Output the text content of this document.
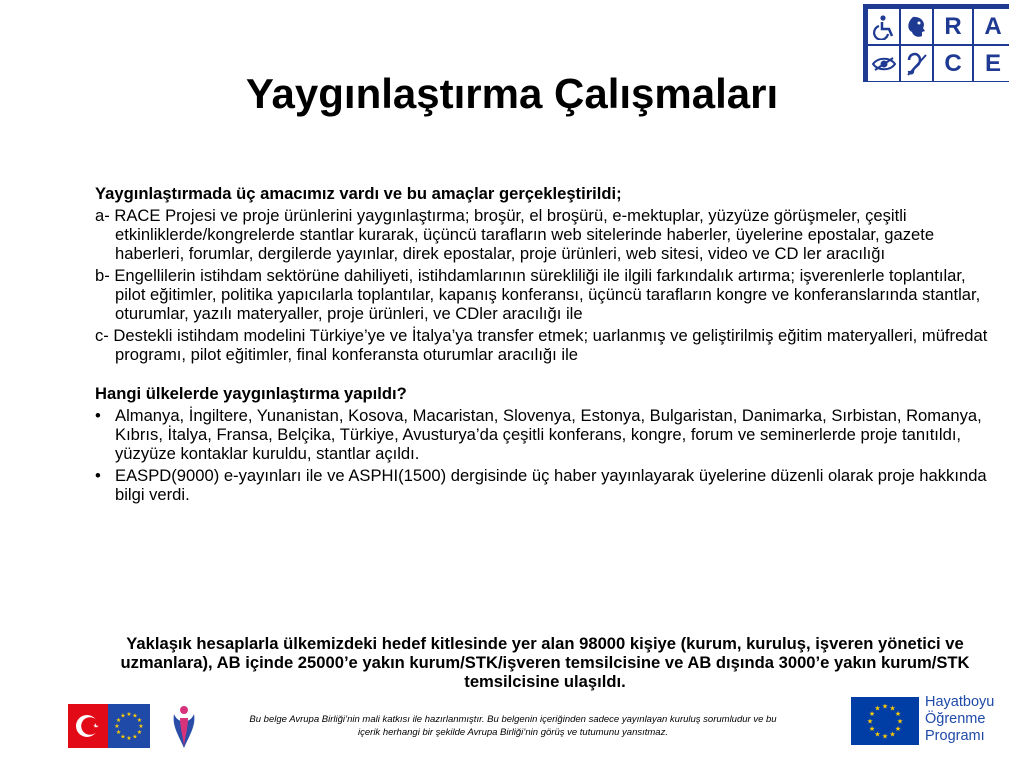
R A
C E
Yaygınlaştırma Çalışmaları

Yaygınlaştırmada üç amacımız vardı ve bu amaçlar gerçekleştirildi;

a- RACE Projesi ve proje ürünlerini yaygınlaştırma; broşür, el broşürü, e-mektuplar, yüzyüze görüşmeler, çeşitli etkinliklerde/kongrelerde stantlar kurarak, üçüncü tarafların web sitelerinde haberler, üyelerine epostalar, gazete haberleri, forumlar, dergilerde yayınlar, direk epostalar, proje ürünleri, web sitesi, video ve CD ler aracılığı

b- Engellilerin istihdam sektörüne dahiliyeti, istihdamlarının sürekliliği ile ilgili farkındalık artırma; işverenlerle toplantılar, pilot eğitimler, politika yapıcılarla toplantılar, kapanış konferansı, üçüncü tarafların kongre ve konferanslarında stantlar, oturumlar, yazılı materyaller, proje ürünleri, ve CDler aracılığı ile

c- Destekli istihdam modelini Türkiye’ye ve İtalya’ya transfer etmek; uarlanmış ve geliştirilmiş eğitim materyalleri, müfredat programı, pilot eğitimler, final konferansta oturumlar aracılığı ile

Hangi ülkelerde yaygınlaştırma yapıldı?

• Almanya, İngiltere, Yunanistan, Kosova, Macaristan, Slovenya, Estonya, Bulgaristan, Danimarka, Sırbistan, Romanya, Kıbrıs, İtalya, Fransa, Belçika, Türkiye, Avusturya’da çeşitli konferans, kongre, forum ve seminerlerde proje tanıtıldı, yüzyüze kontaklar kuruldu, stantlar açıldı.

• EASPD(9000) e-yayınları ile ve ASPHI(1500) dergisinde üç haber yayınlayarak üyelerine düzenli olarak proje hakkında bilgi verdi.

Yaklaşık hesaplarla ülkemizdeki hedef kitlesinde yer alan 98000 kişiye (kurum, kuruluş, işveren yönetici ve uzmanlara), AB içinde 25000’e yakın kurum/STK/işveren temsilcisine ve AB dışında 3000’e yakın kurum/STK temsilcisine ulaşıldı.

★ ★
★
★
★
★
★
★
★
★
★
★	Bu belge Avrupa Birliği’nin mali katkısı ile hazırlanmıştır. Bu belgenin içeriğinden sadece yayınlayan kuruluş sorumludur ve bu içerik herhangi bir şekilde Avrupa Birliği’nin görüş ve tutumunu yansıtmaz.

★ ★
★
★
★
★
★
★
★
★
★
★	Hayatboyu
Öğrenme
Programı
